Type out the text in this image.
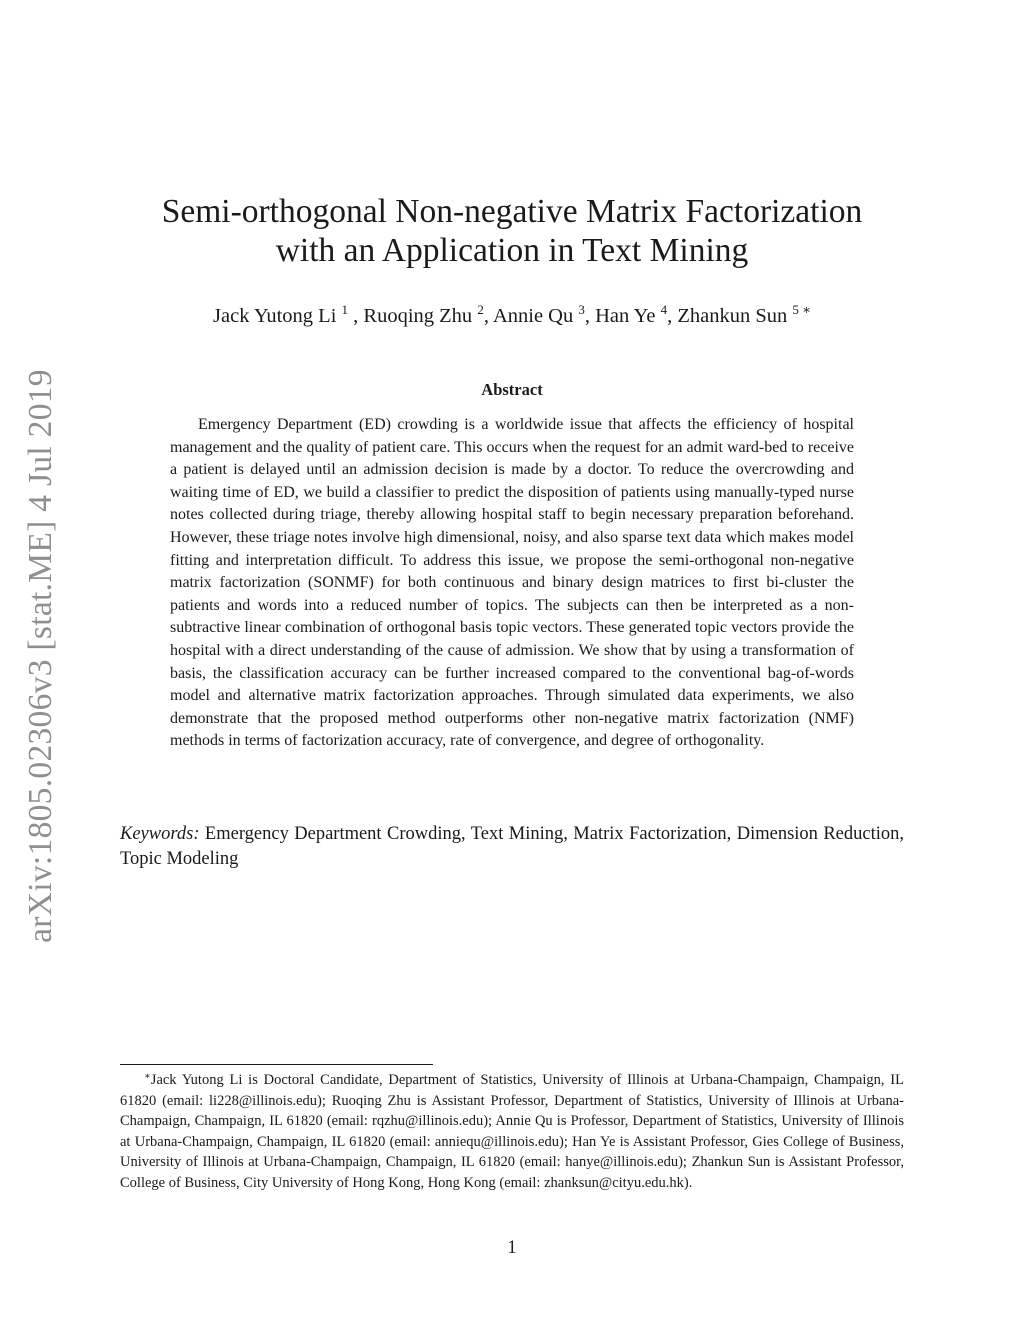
arXiv:1805.02306v3 [stat.ME] 4 Jul 2019
Semi-orthogonal Non-negative Matrix Factorization
with an Application in Text Mining
Jack Yutong Li $^1$ , Ruoqing Zhu $^2$, Annie Qu $^3$, Han Ye $^4$, Zhankun Sun $^{5 ∗}$
Abstract
Emergency Department (ED) crowding is a worldwide issue that affects the efficiency of hospital management and the quality of patient care. This occurs when the request for an admit ward-bed to receive a patient is delayed until an admission decision is made by a doctor. To reduce the overcrowding and waiting time of ED, we build a classifier to predict the disposition of patients using manually-typed nurse notes collected during triage, thereby allowing hospital staff to begin necessary preparation beforehand. However, these triage notes involve high dimensional, noisy, and also sparse text data which makes model fitting and interpretation difficult. To address this issue, we propose the semi-orthogonal non-negative matrix factorization (SONMF) for both continuous and binary design matrices to first bi-cluster the patients and words into a reduced number of topics. The subjects can then be interpreted as a non-subtractive linear combination of orthogonal basis topic vectors. These generated topic vectors provide the hospital with a direct understanding of the cause of admission. We show that by using a transformation of basis, the classification accuracy can be further increased compared to the conventional bag-of-words model and alternative matrix factorization approaches. Through simulated data experiments, we also demonstrate that the proposed method outperforms other non-negative matrix factorization (NMF) methods in terms of factorization accuracy, rate of convergence, and degree of orthogonality.
Keywords: Emergency Department Crowding, Text Mining, Matrix Factorization, Dimension Reduction, Topic Modeling
∗Jack Yutong Li is Doctoral Candidate, Department of Statistics, University of Illinois at Urbana-Champaign, Champaign, IL 61820 (email: li228@illinois.edu); Ruoqing Zhu is Assistant Professor, Department of Statistics, University of Illinois at Urbana-Champaign, Champaign, IL 61820 (email: rqzhu@illinois.edu); Annie Qu is Professor, Department of Statistics, University of Illinois at Urbana-Champaign, Champaign, IL 61820 (email: anniequ@illinois.edu); Han Ye is Assistant Professor, Gies College of Business, University of Illinois at Urbana-Champaign, Champaign, IL 61820 (email: hanye@illinois.edu); Zhankun Sun is Assistant Professor, College of Business, City University of Hong Kong, Hong Kong (email: zhanksun@cityu.edu.hk).
1
